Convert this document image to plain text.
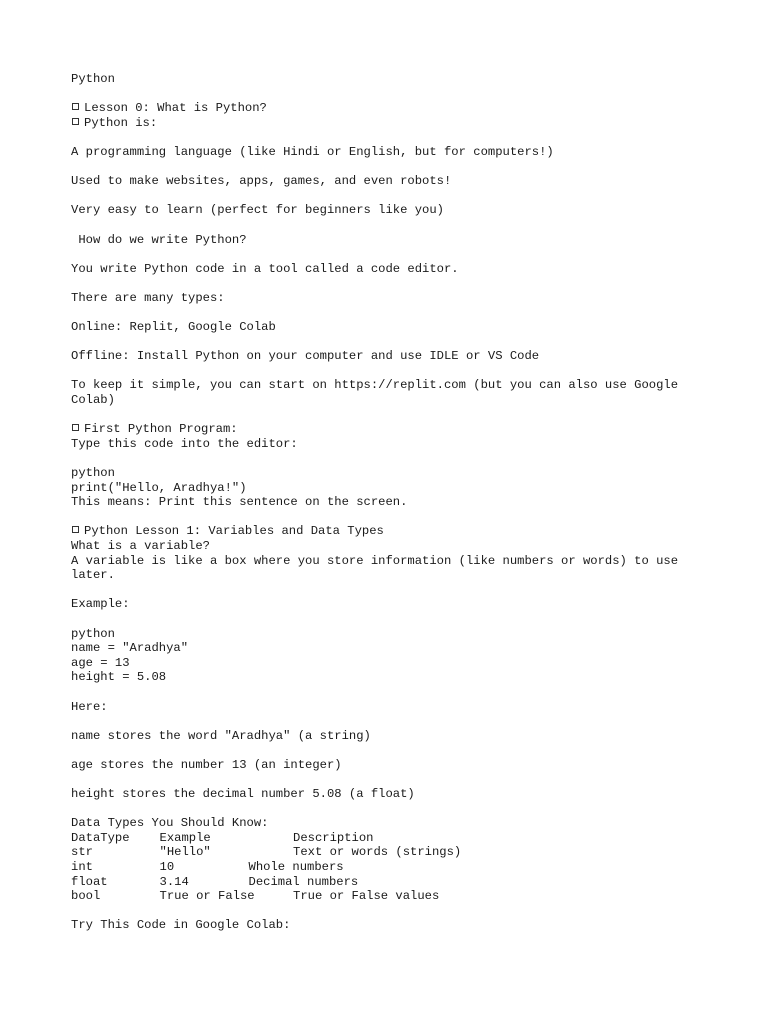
Python
Lesson 0: What is Python?
Python is:
A programming language (like Hindi or English, but for computers!)
Used to make websites, apps, games, and even robots!
Very easy to learn (perfect for beginners like you)
How do we write Python?
You write Python code in a tool called a code editor.
There are many types:
Online: Replit, Google Colab
Offline: Install Python on your computer and use IDLE or VS Code
To keep it simple, you can start on https://replit.com (but you can also use Google Colab)
First Python Program:
Type this code into the editor:
python
print("Hello, Aradhya!")
This means: Print this sentence on the screen.
Python Lesson 1: Variables and Data Types
What is a variable?
A variable is like a box where you store information (like numbers or words) to use later.
Example:
python
name = "Aradhya"
age = 13
height = 5.08
Here:
name stores the word "Aradhya" (a string)
age stores the number 13 (an integer)
height stores the decimal number 5.08 (a float)
Data Types You Should Know:
DataType	Example	Description
str	"Hello"	Text or words (strings)
int	10	Whole numbers
float	3.14	Decimal numbers
bool	True or False	True or False values
Try This Code in Google Colab:
